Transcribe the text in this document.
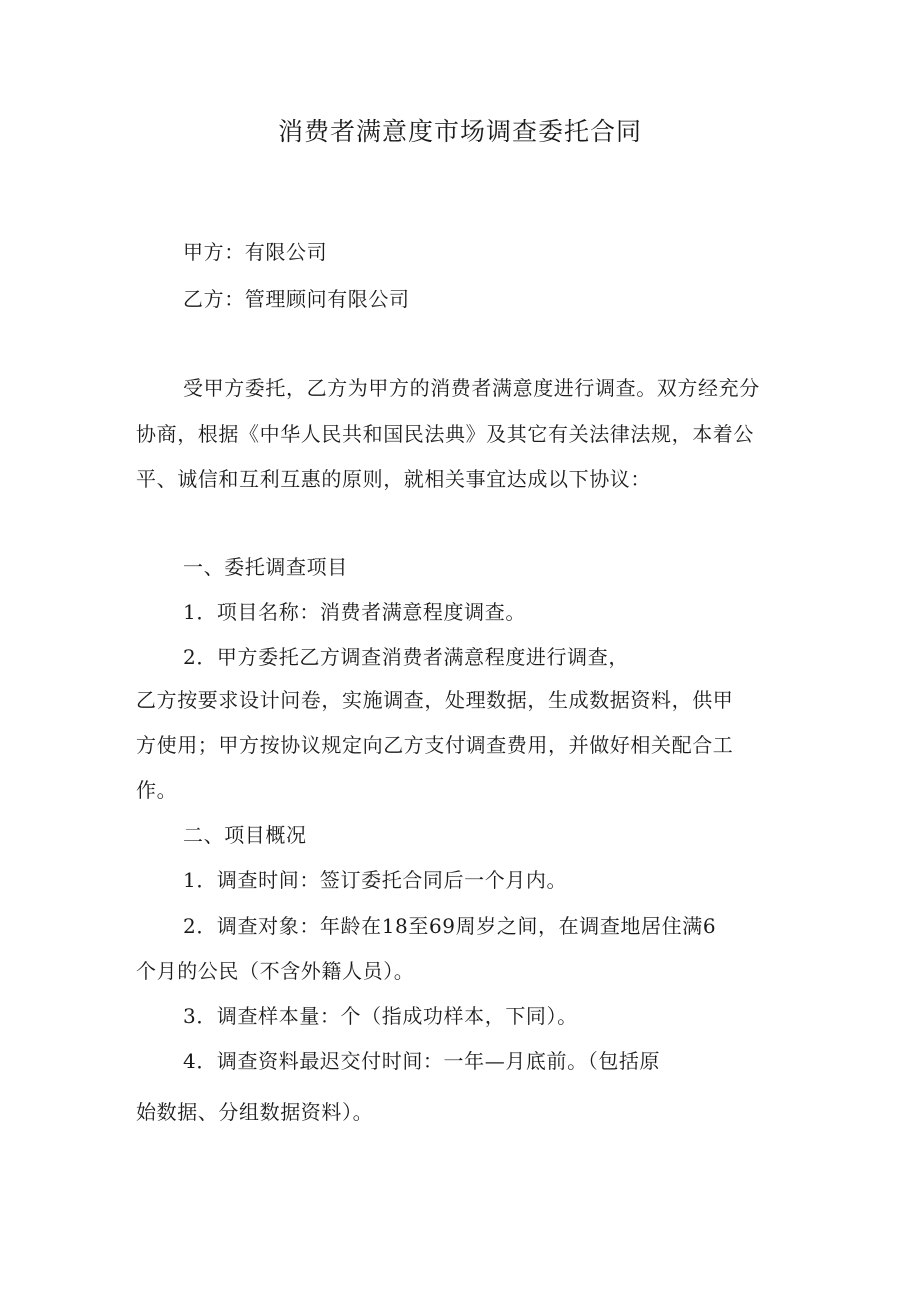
消费者满意度市场调查委托合同
甲方：有限公司
乙方：管理顾问有限公司
受甲方委托，乙方为甲方的消费者满意度进行调查。双方经充分
协商，根据《中华人民共和国民法典》及其它有关法律法规，本着公
平、诚信和互利互惠的原则，就相关事宜达成以下协议：
一、委托调查项目
1．项目名称：消费者满意程度调查。
2．甲方委托乙方调查消费者满意程度进行调查，
乙方按要求设计问卷，实施调查，处理数据，生成数据资料，供甲
方使用；甲方按协议规定向乙方支付调查费用，并做好相关配合工
作。
二、项目概况
1．调查时间：签订委托合同后一个月内。
2．调查对象：年龄在18至69周岁之间，在调查地居住满6
个月的公民（不含外籍人员）。
3．调查样本量：个（指成功样本，下同）。
4．调查资料最迟交付时间：一年—月底前。（包括原
始数据、分组数据资料）。
